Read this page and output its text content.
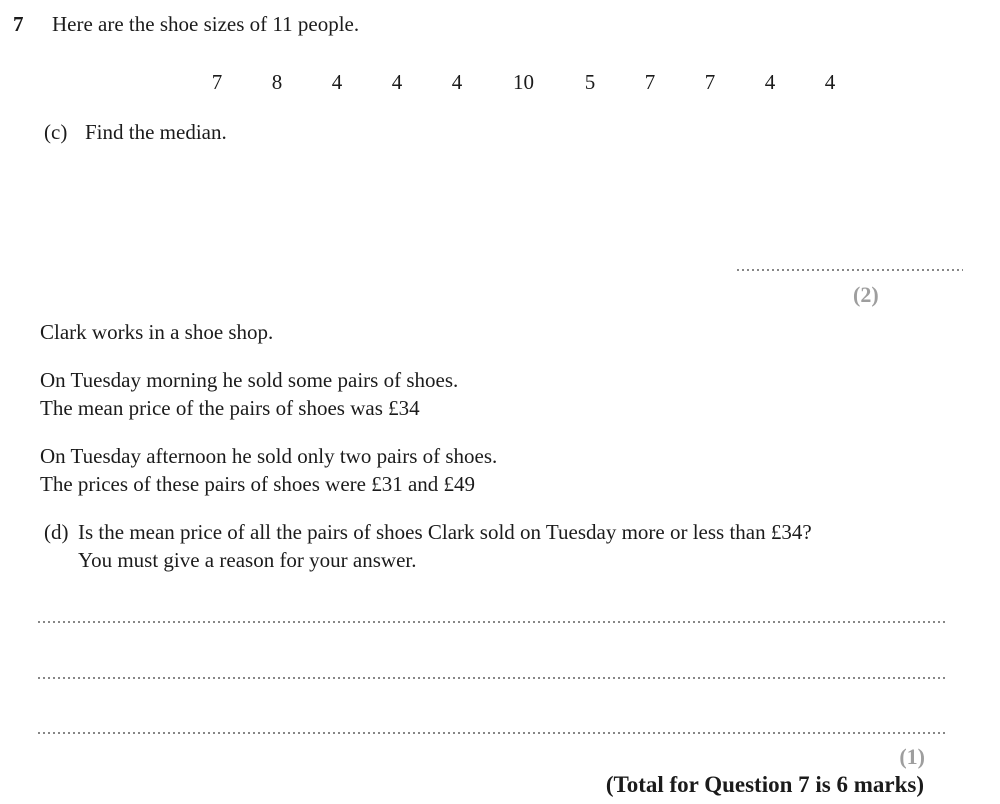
7 Here are the shoe sizes of 11 people.
7	8	4	4	4	10	5	7	7	4	4
(c) Find the median.
(2)
Clark works in a shoe shop.
On Tuesday morning he sold some pairs of shoes.
The mean price of the pairs of shoes was £34
On Tuesday afternoon he sold only two pairs of shoes.
The prices of these pairs of shoes were £31 and £49
(d) Is the mean price of all the pairs of shoes Clark sold on Tuesday more or less than £34?
You must give a reason for your answer.
(1)
(Total for Question 7 is 6 marks)
